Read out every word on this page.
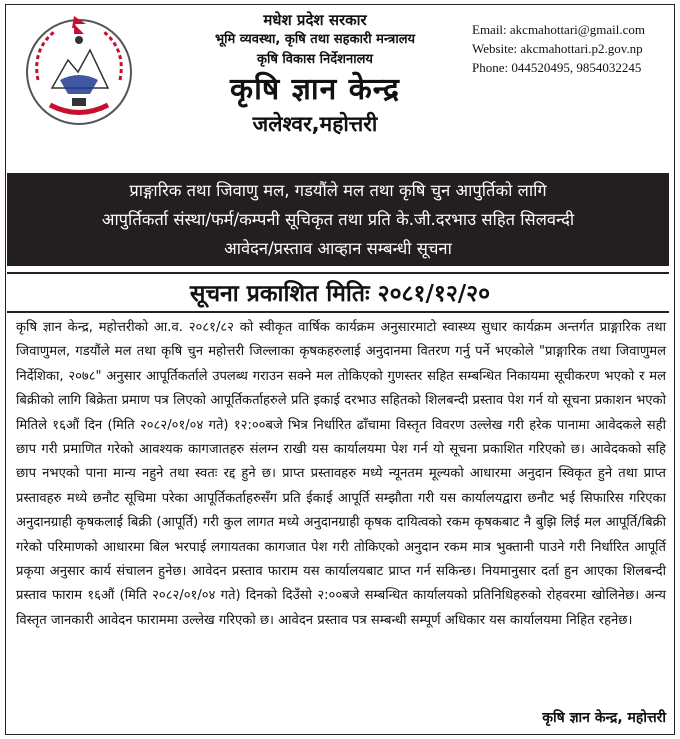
मधेश प्रदेश सरकार
भूमि व्यवस्था, कृषि तथा सहकारी मन्त्रालय
कृषि विकास निर्देशनालय
कृषि ज्ञान केन्द्र
जलेश्वर,महोत्तरी
Email: akcmahottari@gmail.com
Website: akcmahottari.p2.gov.np
Phone: 044520495, 9854032245
प्राङ्गारिक तथा जिवाणु मल, गडयौंले मल तथा कृषि चुन आपुर्तिको लागि
आपुर्तिकर्ता संस्था/फर्म/कम्पनी सूचिकृत तथा प्रति के.जी.दरभाउ सहित सिलवन्दी
आवेदन/प्रस्ताव आव्हान सम्बन्धी सूचना
सूचना प्रकाशित मितिः २०८१/१२/२०
कृषि ज्ञान केन्द्र, महोत्तरीको आ.व. २०८१/८२ को स्वीकृत वार्षिक कार्यक्रम अनुसारमाटो स्वास्थ्य सुधार कार्यक्रम अन्तर्गत प्राङ्गारिक तथा जिवाणुमल, गडयौंले मल तथा कृषि चुन महोत्तरी जिल्लाका कृषकहरुलाई अनुदानमा वितरण गर्नु पर्ने भएकोले "प्राङ्गारिक तथा जिवाणुमल निर्देशिका, २०७८" अनुसार आपूर्तिकर्ताले उपलब्ध गराउन सक्ने मल तोकिएको गुणस्तर सहित सम्बन्धित निकायमा सूचीकरण भएको र मल बिक्रीको लागि बिक्रेता प्रमाण पत्र लिएको आपूर्तिकर्ताहरुले प्रति इकाई दरभाउ सहितको शिलबन्दी प्रस्ताव पेश गर्न यो सूचना प्रकाशन भएको मितिले १६औं दिन (मिति २०८२/०१/०४ गते) १२:००बजे भित्र निर्धारित ढाँचामा विस्तृत विवरण उल्लेख गरी हरेक पानामा आवेदकले सही छाप गरी प्रमाणित गरेको आवश्यक कागजातहरु संलग्न राखी यस कार्यालयमा पेश गर्न यो सूचना प्रकाशित गरिएको छ। आवेदकको सहि छाप नभएको पाना मान्य नहुने तथा स्वतः रद्द हुने छ। प्राप्त प्रस्तावहरु मध्ये न्यूनतम मूल्यको आधारमा अनुदान स्विकृत हुने तथा प्राप्त प्रस्तावहरु मध्ये छनौट सूचिमा परेका आपूर्तिकर्ताहरुसँग प्रति ईकाई आपूर्ति सम्झौता गरी यस कार्यालयद्वारा छनौट भई सिफारिस गरिएका अनुदानग्राही कृषकलाई बिक्री (आपूर्ति) गरी कुल लागत मध्ये अनुदानग्राही कृषक दायित्वको रकम कृषकबाट नै बुझि लिई मल आपूर्ति/बिक्री गरेको परिमाणको आधारमा बिल भरपाई लगायतका कागजात पेश गरी तोकिएको अनुदान रकम मात्र भुक्तानी पाउने गरी निर्धारित आपूर्ति प्रकृया अनुसार कार्य संचालन हुनेछ। आवेदन प्रस्ताव फाराम यस कार्यालयबाट प्राप्त गर्न सकिन्छ। नियमानुसार दर्ता हुन आएका शिलबन्दी प्रस्ताव फाराम १६औं (मिति २०८२/०१/०४ गते) दिनको दिउँसो २:००बजे सम्बन्धित कार्यालयको प्रतिनिधिहरुको रोहवरमा खोलिनेछ। अन्य विस्तृत जानकारी आवेदन फाराममा उल्लेख गरिएको छ। आवेदन प्रस्ताव पत्र सम्बन्धी सम्पूर्ण अधिकार यस कार्यालयमा निहित रहनेछ।
कृषि ज्ञान केन्द्र, महोत्तरी
